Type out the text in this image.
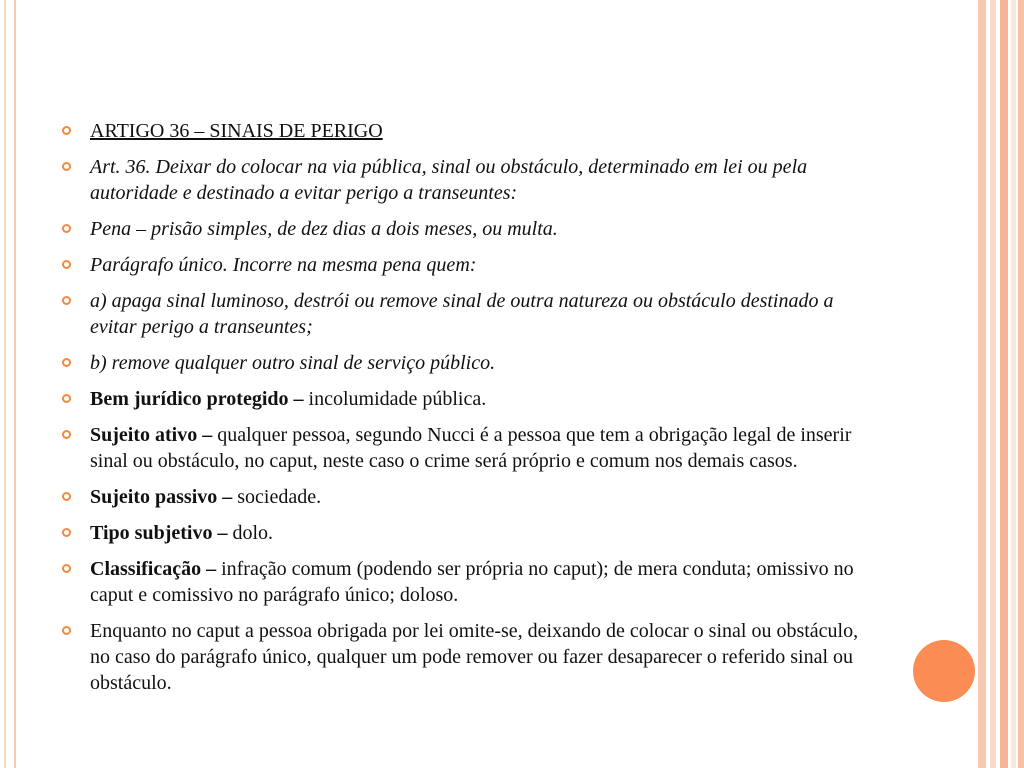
ARTIGO 36 – SINAIS DE PERIGO
Art. 36. Deixar do colocar na via pública, sinal ou obstáculo, determinado em lei ou pela autoridade e destinado a evitar perigo a transeuntes:
Pena – prisão simples, de dez dias a dois meses, ou multa.
Parágrafo único. Incorre na mesma pena quem:
a) apaga sinal luminoso, destrói ou remove sinal de outra natureza ou obstáculo destinado a evitar perigo a transeuntes;
b) remove qualquer outro sinal de serviço público.
Bem jurídico protegido – incolumidade pública.
Sujeito ativo – qualquer pessoa, segundo Nucci é a pessoa que tem a obrigação legal de inserir sinal ou obstáculo, no caput, neste caso o crime será próprio e comum nos demais casos.
Sujeito passivo – sociedade.
Tipo subjetivo – dolo.
Classificação – infração comum (podendo ser própria no caput); de mera conduta; omissivo no caput e comissivo no parágrafo único; doloso.
Enquanto no caput a pessoa obrigada por lei omite-se, deixando de colocar o sinal ou obstáculo, no caso do parágrafo único, qualquer um pode remover ou fazer desaparecer o referido sinal ou obstáculo.
